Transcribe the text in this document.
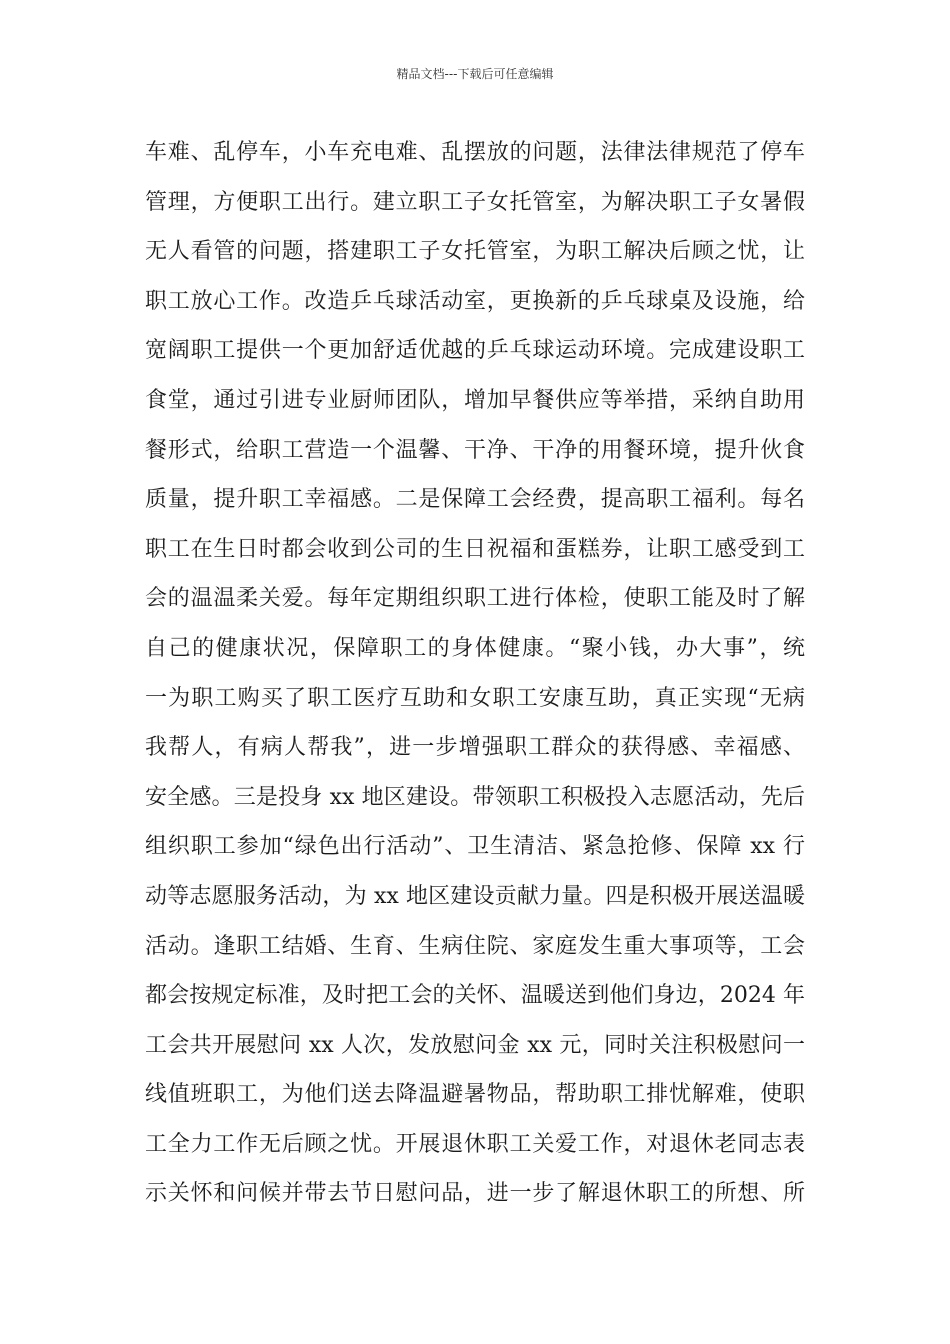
精品文档---下载后可任意编辑
车难、乱停车，小车充电难、乱摆放的问题，法律法律规范了停车
管理，方便职工出行。建立职工子女托管室，为解决职工子女暑假
无人看管的问题，搭建职工子女托管室，为职工解决后顾之忧，让
职工放心工作。改造乒乓球活动室，更换新的乒乓球桌及设施，给
宽阔职工提供一个更加舒适优越的乒乓球运动环境。完成建设职工
食堂，通过引进专业厨师团队，增加早餐供应等举措，采纳自助用
餐形式，给职工营造一个温馨、干净、干净的用餐环境，提升伙食
质量，提升职工幸福感。二是保障工会经费，提高职工福利。每名
职工在生日时都会收到公司的生日祝福和蛋糕券，让职工感受到工
会的温温柔关爱。每年定期组织职工进行体检，使职工能及时了解
自己的健康状况，保障职工的身体健康。“聚小钱，办大事”，统
一为职工购买了职工医疗互助和女职工安康互助，真正实现“无病
我帮人，有病人帮我”，进一步增强职工群众的获得感、幸福感、
安全感。三是投身 xx 地区建设。带领职工积极投入志愿活动，先后
组织职工参加“绿色出行活动”、卫生清洁、紧急抢修、保障 xx 行
动等志愿服务活动，为 xx 地区建设贡献力量。四是积极开展送温暖
活动。逢职工结婚、生育、生病住院、家庭发生重大事项等，工会
都会按规定标准，及时把工会的关怀、温暖送到他们身边，2024 年
工会共开展慰问 xx 人次，发放慰问金 xx 元，同时关注积极慰问一
线值班职工，为他们送去降温避暑物品，帮助职工排忧解难，使职
工全力工作无后顾之忧。开展退休职工关爱工作，对退休老同志表
示关怀和问候并带去节日慰问品，进一步了解退休职工的所想、所
